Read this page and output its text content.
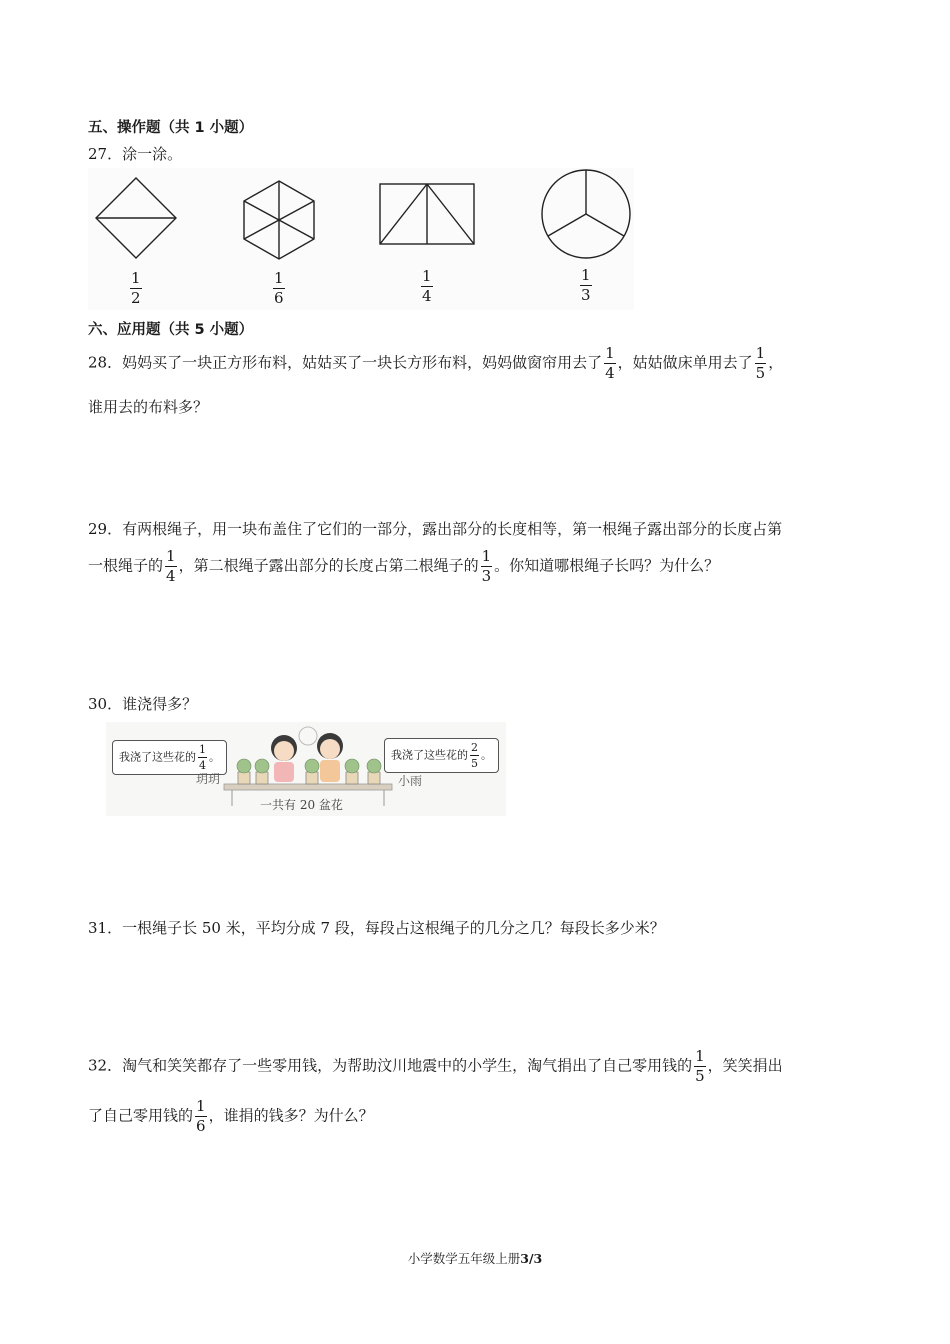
五、操作题（共 1 小题）
27．涂一涂。
$\frac{1}{2}$	$\frac{1}{6}$	$\frac{1}{4}$	$\frac{1}{3}$
六、应用题（共 5 小题）
28．妈妈买了一块正方形布料，姑姑买了一块长方形布料，妈妈做窗帘用去了 $\frac{1}{4}$ ，姑姑做床单用去了 $\frac{1}{5}$ ，
谁用去的布料多？
29．有两根绳子，用一块布盖住了它们的一部分，露出部分的长度相等，第一根绳子露出部分的长度占第
一根绳子的 $\frac{1}{4}$ ，第二根绳子露出部分的长度占第二根绳子的 $\frac{1}{3}$ 。你知道哪根绳子长吗？为什么？
30．谁浇得多？
我浇了这些花的 $\frac{1}{4}$ 。
玥玥
我浇了这些花的 $\frac{2}{5}$ 。
小雨
一共有 20 盆花
31．一根绳子长 50 米，平均分成 7 段，每段占这根绳子的几分之几？每段长多少米？
32．淘气和笑笑都存了一些零用钱，为帮助汶川地震中的小学生，淘气捐出了自己零用钱的 $\frac{1}{5}$ ，笑笑捐出
了自己零用钱的 $\frac{1}{6}$ ，谁捐的钱多？为什么？
小学数学五年级上册3/3
